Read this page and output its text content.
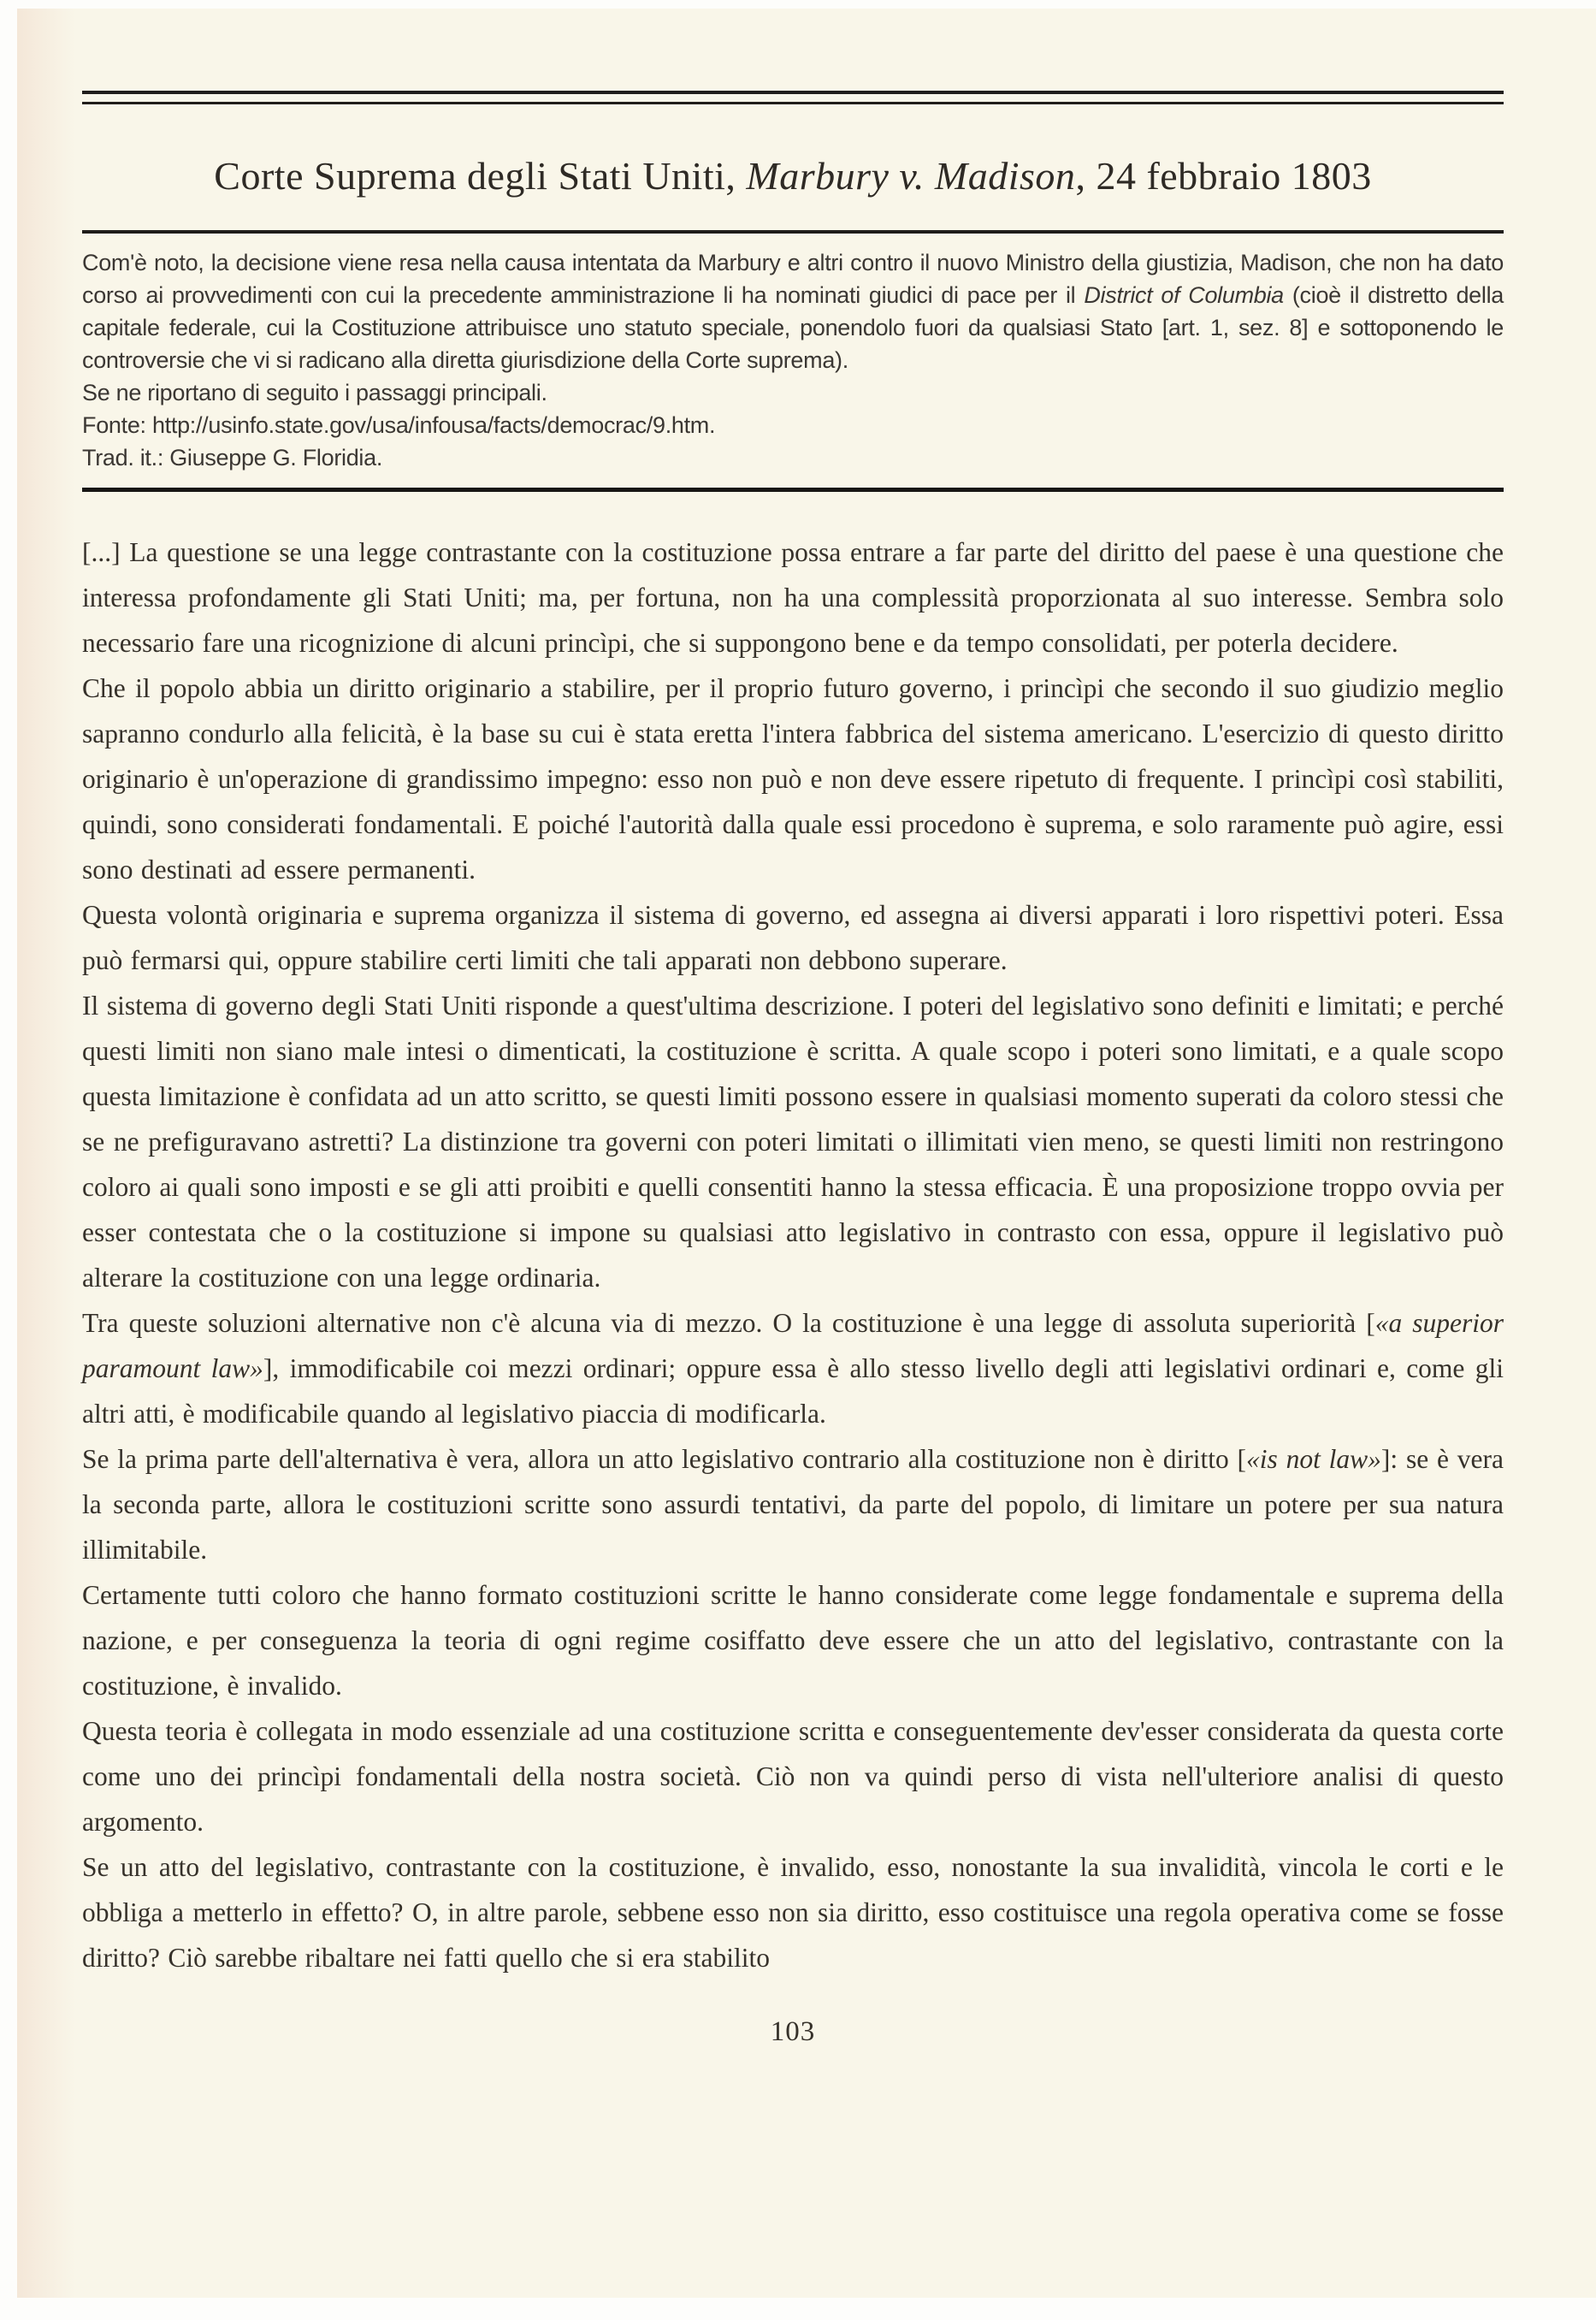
Corte Suprema degli Stati Uniti, Marbury v. Madison, 24 febbraio 1803

Com'è noto, la decisione viene resa nella causa intentata da Marbury e altri contro il nuovo Ministro della giustizia, Madison, che non ha dato corso ai provvedimenti con cui la precedente amministrazione li ha nominati giudici di pace per il District of Columbia (cioè il distretto della capitale federale, cui la Costituzione attribuisce uno statuto speciale, ponendolo fuori da qualsiasi Stato [art. 1, sez. 8] e sottoponendo le controversie che vi si radicano alla diretta giurisdizione della Corte suprema).

Se ne riportano di seguito i passaggi principali.

Fonte: http://usinfo.state.gov/usa/infousa/facts/democrac/9.htm.

Trad. it.: Giuseppe G. Floridia.

[...] La questione se una legge contrastante con la costituzione possa entrare a far parte del diritto del paese è una questione che interessa profondamente gli Stati Uniti; ma, per fortuna, non ha una complessità proporzionata al suo interesse. Sembra solo necessario fare una ricognizione di alcuni princìpi, che si suppongono bene e da tempo consolidati, per poterla decidere.

Che il popolo abbia un diritto originario a stabilire, per il proprio futuro governo, i princìpi che secondo il suo giudizio meglio sapranno condurlo alla felicità, è la base su cui è stata eretta l'intera fabbrica del sistema americano. L'esercizio di questo diritto originario è un'operazione di grandissimo impegno: esso non può e non deve essere ripetuto di frequente. I princìpi così stabiliti, quindi, sono considerati fondamentali. E poiché l'autorità dalla quale essi procedono è suprema, e solo raramente può agire, essi sono destinati ad essere permanenti.

Questa volontà originaria e suprema organizza il sistema di governo, ed assegna ai diversi apparati i loro rispettivi poteri. Essa può fermarsi qui, oppure stabilire certi limiti che tali apparati non debbono superare.

Il sistema di governo degli Stati Uniti risponde a quest'ultima descrizione. I poteri del legislativo sono definiti e limitati; e perché questi limiti non siano male intesi o dimenticati, la costituzione è scritta. A quale scopo i poteri sono limitati, e a quale scopo questa limitazione è confidata ad un atto scritto, se questi limiti possono essere in qualsiasi momento superati da coloro stessi che se ne prefiguravano astretti? La distinzione tra governi con poteri limitati o illimitati vien meno, se questi limiti non restringono coloro ai quali sono imposti e se gli atti proibiti e quelli consentiti hanno la stessa efficacia. È una proposizione troppo ovvia per esser contestata che o la costituzione si impone su qualsiasi atto legislativo in contrasto con essa, oppure il legislativo può alterare la costituzione con una legge ordinaria.

Tra queste soluzioni alternative non c'è alcuna via di mezzo. O la costituzione è una legge di assoluta superiorità [«a superior paramount law»], immodificabile coi mezzi ordinari; oppure essa è allo stesso livello degli atti legislativi ordinari e, come gli altri atti, è modificabile quando al legislativo piaccia di modificarla.

Se la prima parte dell'alternativa è vera, allora un atto legislativo contrario alla costituzione non è diritto [«is not law»]: se è vera la seconda parte, allora le costituzioni scritte sono assurdi tentativi, da parte del popolo, di limitare un potere per sua natura illimitabile.

Certamente tutti coloro che hanno formato costituzioni scritte le hanno considerate come legge fondamentale e suprema della nazione, e per conseguenza la teoria di ogni regime cosiffatto deve essere che un atto del legislativo, contrastante con la costituzione, è invalido.

Questa teoria è collegata in modo essenziale ad una costituzione scritta e conseguentemente dev'esser considerata da questa corte come uno dei princìpi fondamentali della nostra società. Ciò non va quindi perso di vista nell'ulteriore analisi di questo argomento.

Se un atto del legislativo, contrastante con la costituzione, è invalido, esso, nonostante la sua invalidità, vincola le corti e le obbliga a metterlo in effetto? O, in altre parole, sebbene esso non sia diritto, esso costituisce una regola operativa come se fosse diritto? Ciò sarebbe ribaltare nei fatti quello che si era stabilito

103
